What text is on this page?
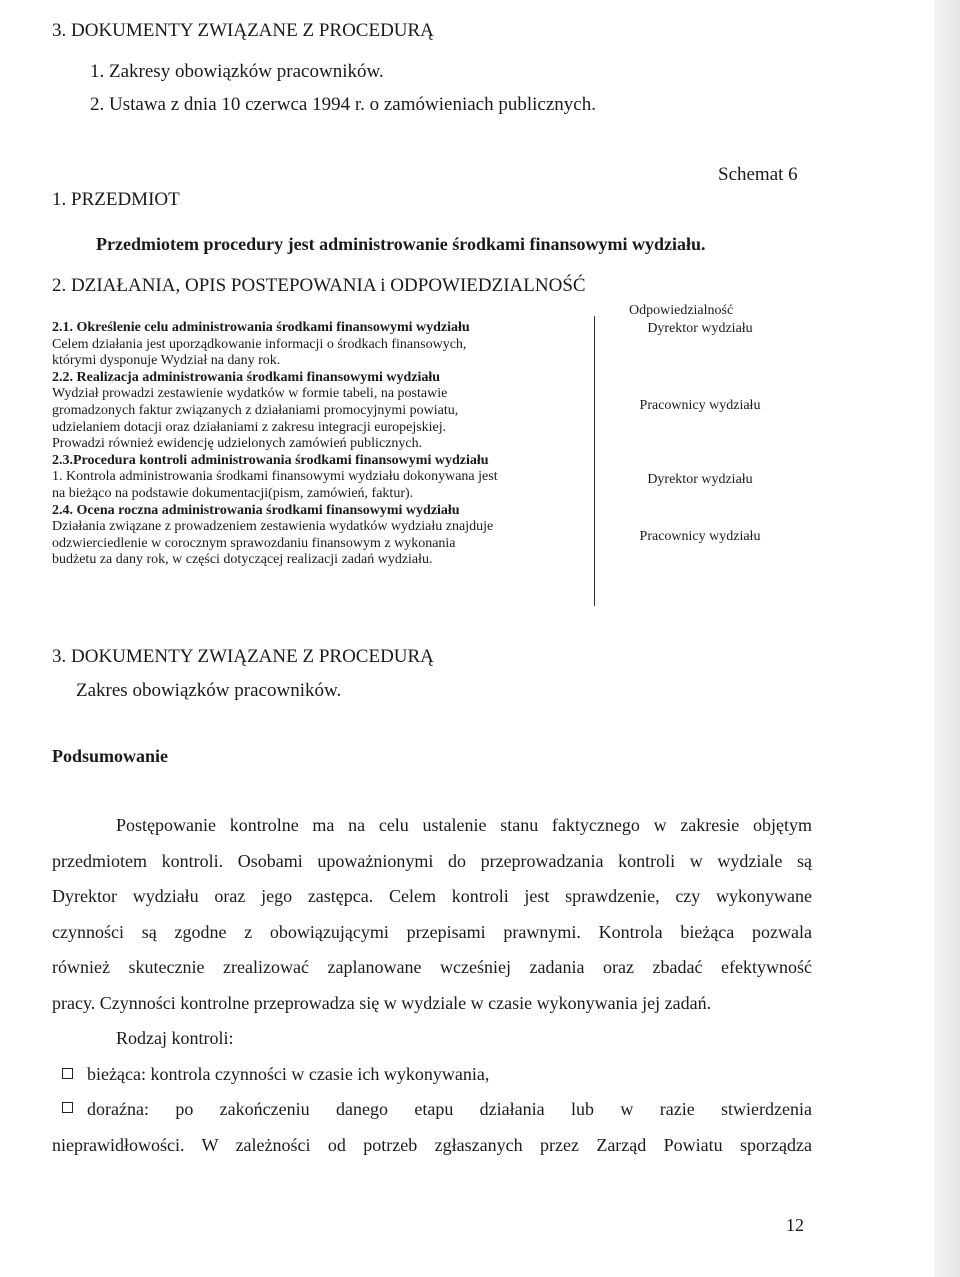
3. DOKUMENTY ZWIĄZANE Z PROCEDURĄ
1. Zakresy obowiązków pracowników.
2. Ustawa z dnia 10 czerwca 1994 r. o zamówieniach publicznych.
Schemat 6
1. PRZEDMIOT
Przedmiotem procedury jest administrowanie środkami finansowymi wydziału.
2. DZIAŁANIA, OPIS POSTEPOWANIA i ODPOWIEDZIALNOŚĆ
Odpowiedzialność
2.1. Określenie celu administrowania środkami finansowymi wydziału
Celem działania jest uporządkowanie informacji o środkach finansowych,
którymi dysponuje Wydział na dany rok.
2.2. Realizacja administrowania środkami finansowymi wydziału
Wydział prowadzi zestawienie wydatków w formie tabeli, na postawie
gromadzonych faktur związanych z działaniami promocyjnymi powiatu,
udzielaniem dotacji oraz działaniami z zakresu integracji europejskiej.
Prowadzi również ewidencję udzielonych zamówień publicznych.
2.3.Procedura kontroli administrowania środkami finansowymi wydziału
1. Kontrola administrowania środkami finansowymi wydziału dokonywana jest
na bieżąco na podstawie dokumentacji(pism, zamówień, faktur).
2.4. Ocena roczna administrowania środkami finansowymi wydziału
Działania związane z prowadzeniem zestawienia wydatków wydziału znajduje
odzwierciedlenie w corocznym sprawozdaniu finansowym z wykonania
budżetu za dany rok, w części dotyczącej realizacji zadań wydziału.
Dyrektor wydziału
Pracownicy wydziału
Dyrektor wydziału
Pracownicy wydziału
3. DOKUMENTY ZWIĄZANE Z PROCEDURĄ
Zakres obowiązków pracowników.
Podsumowanie
Postępowanie kontrolne ma na celu ustalenie stanu faktycznego w zakresie objętym
przedmiotem kontroli. Osobami upoważnionymi do przeprowadzania kontroli w wydziale są
Dyrektor wydziału oraz jego zastępca. Celem kontroli jest sprawdzenie, czy wykonywane
czynności są zgodne z obowiązującymi przepisami prawnymi. Kontrola bieżąca pozwala
również skutecznie zrealizować zaplanowane wcześniej zadania oraz zbadać efektywność
pracy. Czynności kontrolne przeprowadza się w wydziale w czasie wykonywania jej zadań.
Rodzaj kontroli:
bieżąca: kontrola czynności w czasie ich wykonywania,
doraźna: po zakończeniu danego etapu działania lub w razie stwierdzenia
nieprawidłowości. W zależności od potrzeb zgłaszanych przez Zarząd Powiatu sporządza
12
